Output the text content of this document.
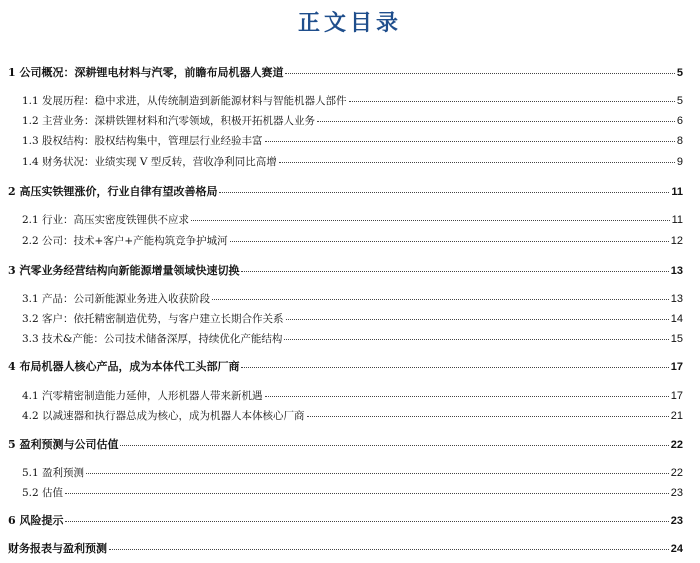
正文目录
1 公司概况：深耕锂电材料与汽零，前瞻布局机器人赛道	5
1.1 发展历程：稳中求进，从传统制造到新能源材料与智能机器人部件	5
1.2 主营业务：深耕铁锂材料和汽零领域，积极开拓机器人业务	6
1.3 股权结构：股权结构集中，管理层行业经验丰富	8
1.4 财务状况：业绩实现 V 型反转，营收净利同比高增	9
2 高压实铁锂涨价，行业自律有望改善格局	11
2.1 行业：高压实密度铁锂供不应求	11
2.2 公司：技术+客户+产能构筑竞争护城河	12
3 汽零业务经营结构向新能源增量领域快速切换	13
3.1 产品：公司新能源业务进入收获阶段	13
3.2 客户：依托精密制造优势，与客户建立长期合作关系	14
3.3 技术&产能：公司技术储备深厚，持续优化产能结构	15
4 布局机器人核心产品，成为本体代工头部厂商	17
4.1 汽零精密制造能力延伸，人形机器人带来新机遇	17
4.2 以减速器和执行器总成为核心，成为机器人本体核心厂商	21
5 盈利预测与公司估值	22
5.1 盈利预测	22
5.2 估值	23
6 风险提示	23
财务报表与盈利预测	24
